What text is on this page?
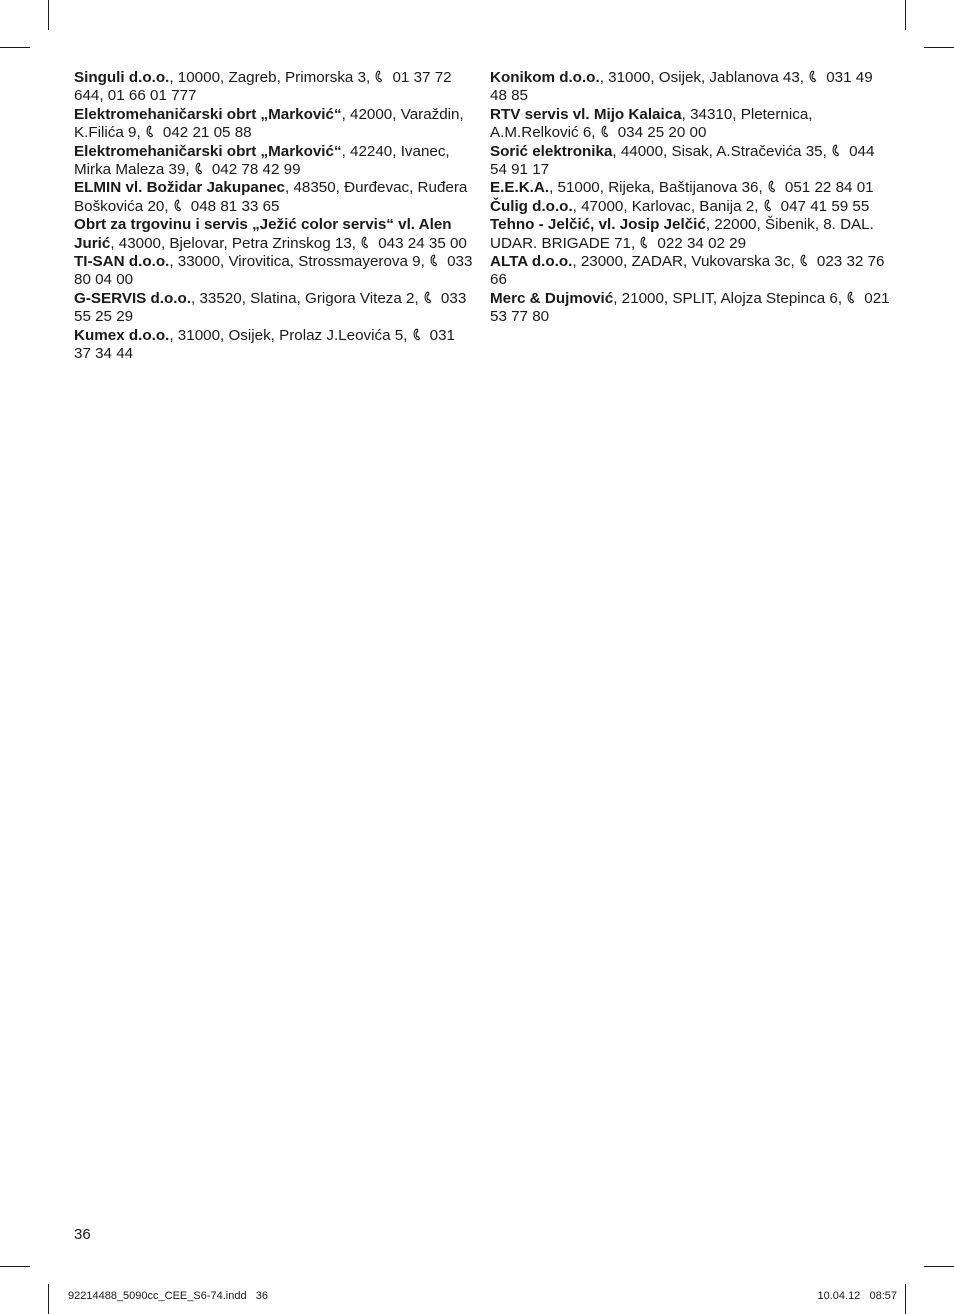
Singuli d.o.o., 10000, Zagreb, Primorska 3,
01 37 72 644, 01 66 01 777

Elektromehaničarski obrt „Marković“, 42000, Varaždin, K.Filića 9,
042 21 05 88

Elektromehaničarski obrt „Marković“, 42240, Ivanec, Mirka Maleza 39,
042 78 42 99

ELMIN vl. Božidar Jakupanec, 48350, Đurđevac, Ruđera Boškovića 20,
048 81 33 65

Obrt za trgovinu i servis „Ježić color servis“ vl. Alen Jurić, 43000, Bjelovar, Petra Zrinskog 13,
043 24 35 00

TI-SAN d.o.o., 33000, Virovitica, Strossmayerova 9,
033 80 04 00

G-SERVIS d.o.o., 33520, Slatina, Grigora Viteza 2,
033 55 25 29

Kumex d.o.o., 31000, Osijek, Prolaz J.Leovića 5,
031 37 34 44

Konikom d.o.o., 31000, Osijek, Jablanova 43,
031 49 48 85

RTV servis vl. Mijo Kalaica, 34310, Pleternica, A.M.Relković 6,
034 25 20 00

Sorić elektronika, 44000, Sisak, A.Stračevića 35,
044 54 91 17

E.E.K.A., 51000, Rijeka, Baštijanova 36,
051 22 84 01

Čulig d.o.o., 47000, Karlovac, Banija 2,
047 41 59 55

Tehno - Jelčić, vl. Josip Jelčić, 22000, Šibenik, 8. DAL. UDAR. BRIGADE 71,
022 34 02 29

ALTA d.o.o., 23000, ZADAR, Vukovarska 3c,
023 32 76 66

Merc & Dujmović, 21000, SPLIT, Alojza Stepinca 6,
021 53 77 80

36
92214488_5090cc_CEE_S6-74.indd   36	10.04.12   08:57
